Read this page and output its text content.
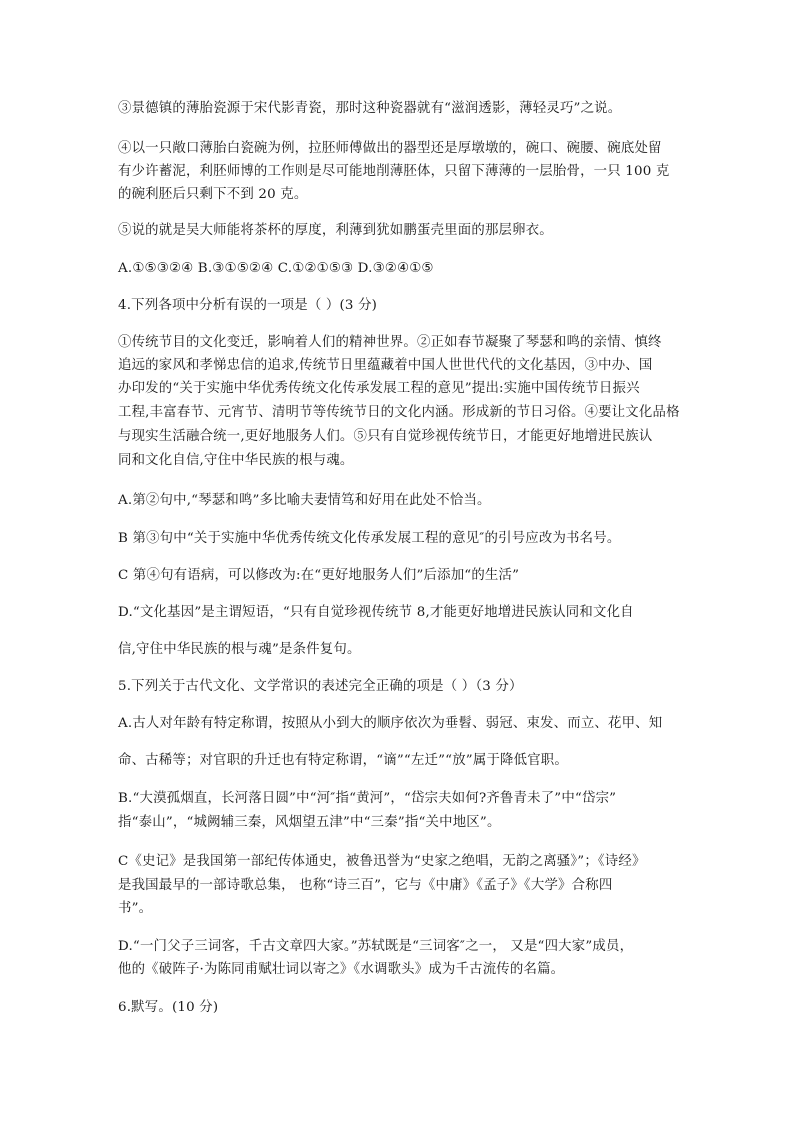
③景德镇的薄胎瓷源于宋代影青瓷，那时这种瓷器就有“滋润透影，薄轻灵巧”之说。
④以一只敞口薄胎白瓷碗为例，拉胚师傅做出的器型还是厚墩墩的，碗口、碗腰、碗底处留
有少许蓄泥，利胚师博的工作则是尽可能地削薄胚体，只留下薄薄的一层胎骨，一只 100 克
的碗利胚后只剩下不到 20 克。
⑤说的就是吴大师能将茶杯的厚度，利薄到犹如鹏蛋壳里面的那层卵衣。
A.①⑤③②④ B.③①⑤②④ C.①②①⑤③ D.③②④①⑤
4.下列各项中分析有误的一项是（ ）(3 分)
①传统节目的文化变迁，影响着人们的精神世界。②正如春节凝聚了琴瑟和鸣的亲情、慎终
追远的家风和孝悌忠信的追求,传统节日里蕴藏着中国人世世代代的文化基因，③中办、国
办印发的“关于实施中华优秀传统文化传承发展工程的意见”提出:实施中国传统节日振兴
工程,丰富春节、元宵节、清明节等传统节日的文化内涵。形成新的节日习俗。④要让文化品格
与现实生活融合统一,更好地服务人们。⑤只有自觉珍视传统节日，才能更好地增进民族认
同和文化自信,守住中华民族的根与魂。
A.第②句中,“琴瑟和鸣”多比喻夫妻情笃和好用在此处不恰当。
B 第③句中“关于实施中华优秀传统文化传承发展工程的意见″的引号应改为书名号。
C 第④句有语病，可以修改为:在“更好地服务人们”后添加“的生活”
D.“文化基因”是主谓短语，“只有自觉珍视传统节 8,才能更好地增进民族认同和文化自
信,守住中华民族的根与魂”是条件复句。
5.下列关于古代文化、文学常识的表述完全正确的项是（ ）（3 分）
A.古人对年龄有特定称谓，按照从小到大的顺序依次为垂髫、弱冠、束发、而立、花甲、知
命、古稀等；对官职的升迁也有特定称谓，“谪”“左迁”“放”属于降低官职。
B.“大漠孤烟直，长河落日圆”中“河″指“黄河”，“岱宗夫如何?齐鲁青未了”中“岱宗”
指“泰山”，“城阙辅三秦，风烟望五津”中“三秦”指“关中地区”。
C《史记》是我国第一部纪传体通史，被鲁迅誉为“史家之绝唱，无韵之离骚》”；《诗经》
是我国最早的一部诗歌总集， 也称“诗三百”，它与《中庸》《孟子》《大学》合称四
书”。
D.“一门父子三词客，千古文章四大家。”苏轼既是“三词客″之一， 又是“四大家”成员，
他的《破阵子·为陈同甫赋壮词以寄之》《水调歌头》成为千古流传的名篇。
6.默写。(10 分)
